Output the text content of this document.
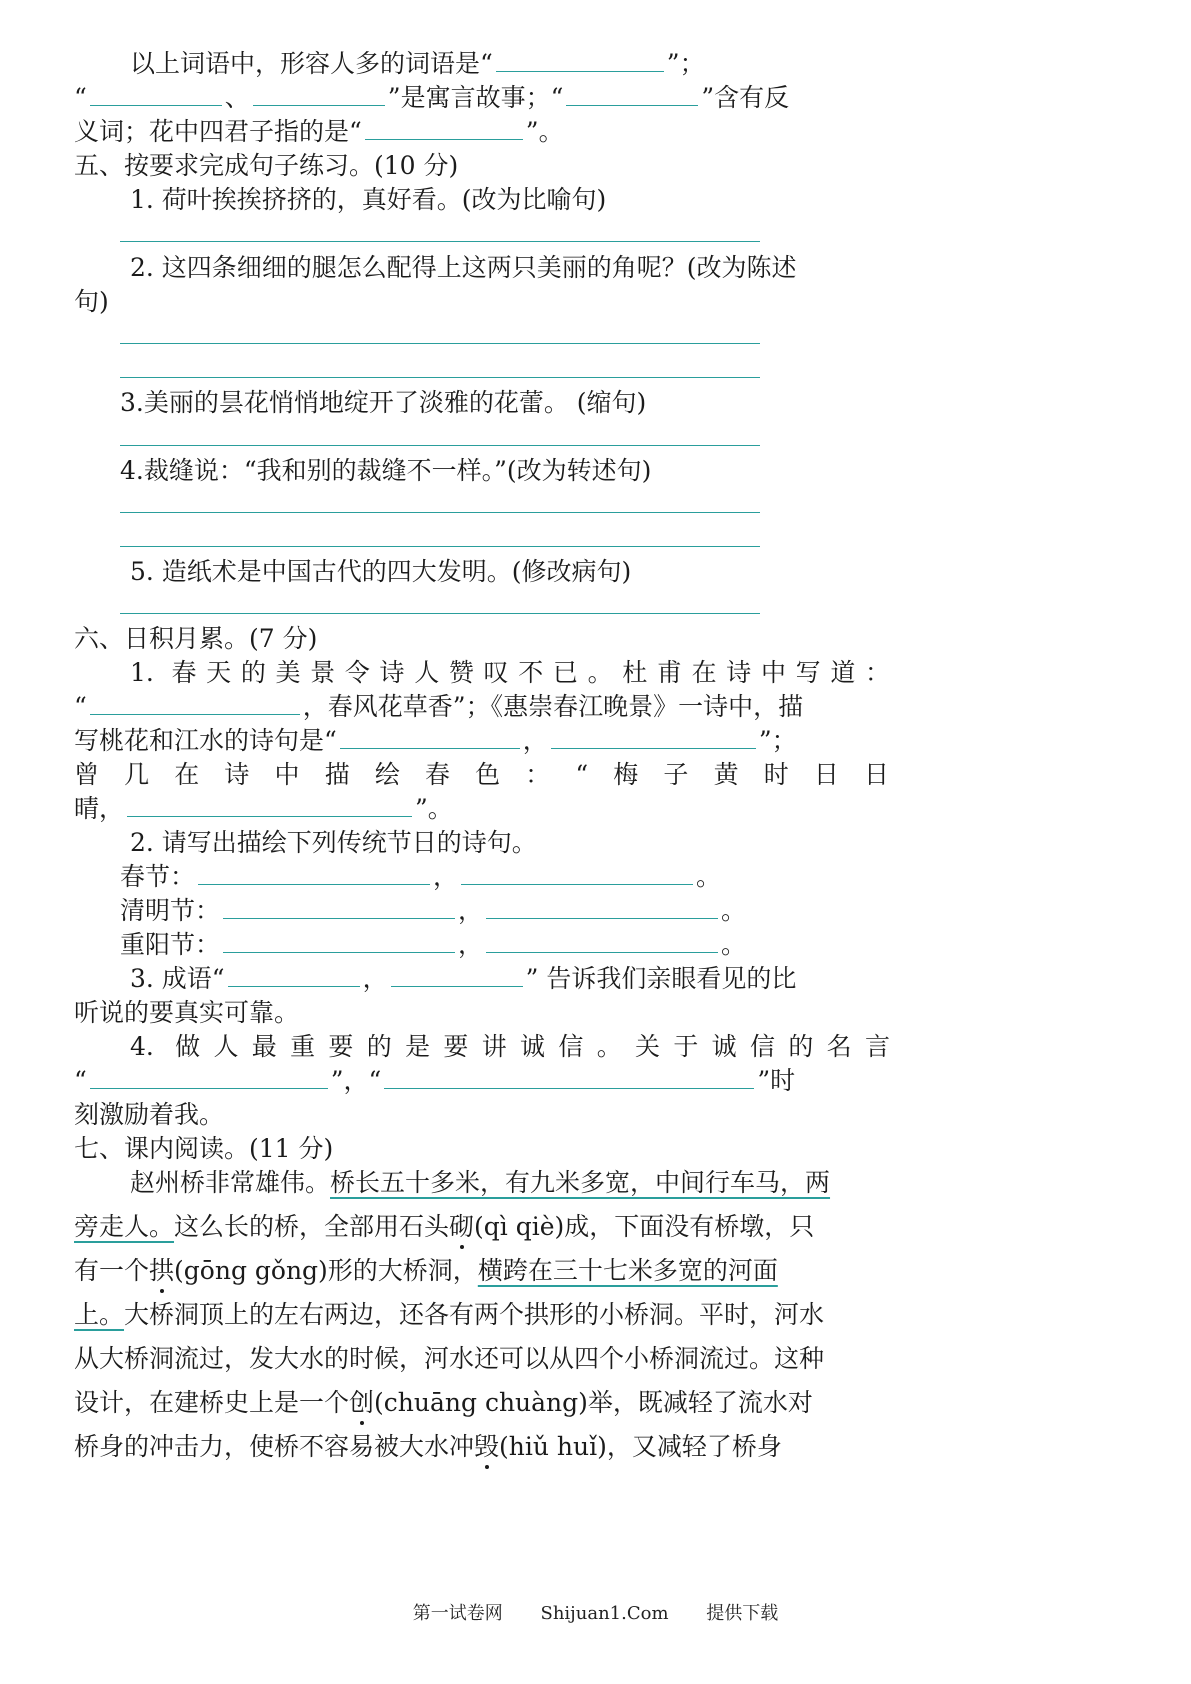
以上词语中，形容人多的词语是“	”；
“	、	”是寓言故事；“	”含有反
义词；花中四君子指的是“	”。
五、按要求完成句子练习。(10 分)
1. 荷叶挨挨挤挤的，真好看。(改为比喻句)
2. 这四条细细的腿怎么配得上这两只美丽的角呢？(改为陈述
句)
3.美丽的昙花悄悄地绽开了淡雅的花蕾。 (缩句)
4.裁缝说：“我和别的裁缝不一样。”(改为转述句)
5. 造纸术是中国古代的四大发明。(修改病句)
六、日积月累。(7 分)
1. 春天的美景令诗人赞叹不已。杜甫在诗中写道：
“	，春风花草香”；《惠崇春江晚景》一诗中，描
写桃花和江水的诗句是“	，	”；
曾几在诗中描绘春色：“梅子黄时日日
晴，	”。
2. 请写出描绘下列传统节日的诗句。
春节：	，	。
清明节：	，	。
重阳节：	，	。
3. 成语“	，	” 告诉我们亲眼看见的比
听说的要真实可靠。
4. 做人最重要的是要讲诚信。关于诚信的名言
“	”，“	”时
刻激励着我。
七、课内阅读。(11 分)
赵州桥非常雄伟。桥长五十多米，有九米多宽，中间行车马，两
旁走人。这么长的桥，全部用石头砌(qì qiè)成，下面没有桥墩，只
有一个拱(gōng gǒng)形的大桥洞，横跨在三十七米多宽的河面
上。大桥洞顶上的左右两边，还各有两个拱形的小桥洞。平时，河水
从大桥洞流过，发大水的时候，河水还可以从四个小桥洞流过。这种
设计，在建桥史上是一个创(chuāng chuàng)举，既减轻了流水对
桥身的冲击力，使桥不容易被大水冲毁(hiǔ huǐ)，又减轻了桥身
第一试卷网 Shijuan1.Com 提供下载
